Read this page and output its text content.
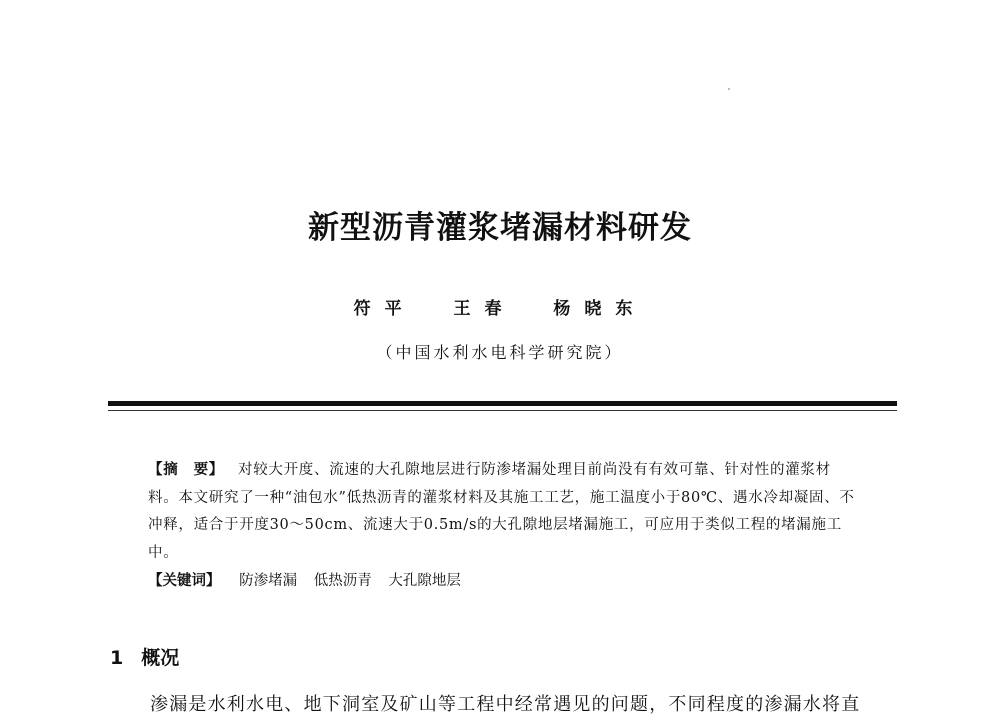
新型沥青灌浆堵漏材料研发
符平 王春 杨晓东
（中国水利水电科学研究院）
【摘　要】 对较大开度、流速的大孔隙地层进行防渗堵漏处理目前尚没有有效可靠、针对性的灌浆材料。本文研究了一种“油包水”低热沥青的灌浆材料及其施工工艺，施工温度小于80℃、遇水冷却凝固、不冲释，适合于开度30～50cm、流速大于0.5m/s的大孔隙地层堵漏施工，可应用于类似工程的堵漏施工中。
【关键词】 防渗堵漏 低热沥青 大孔隙地层
1 概况
渗漏是水利水电、地下洞室及矿山等工程中经常遇见的问题，不同程度的渗漏水将直
